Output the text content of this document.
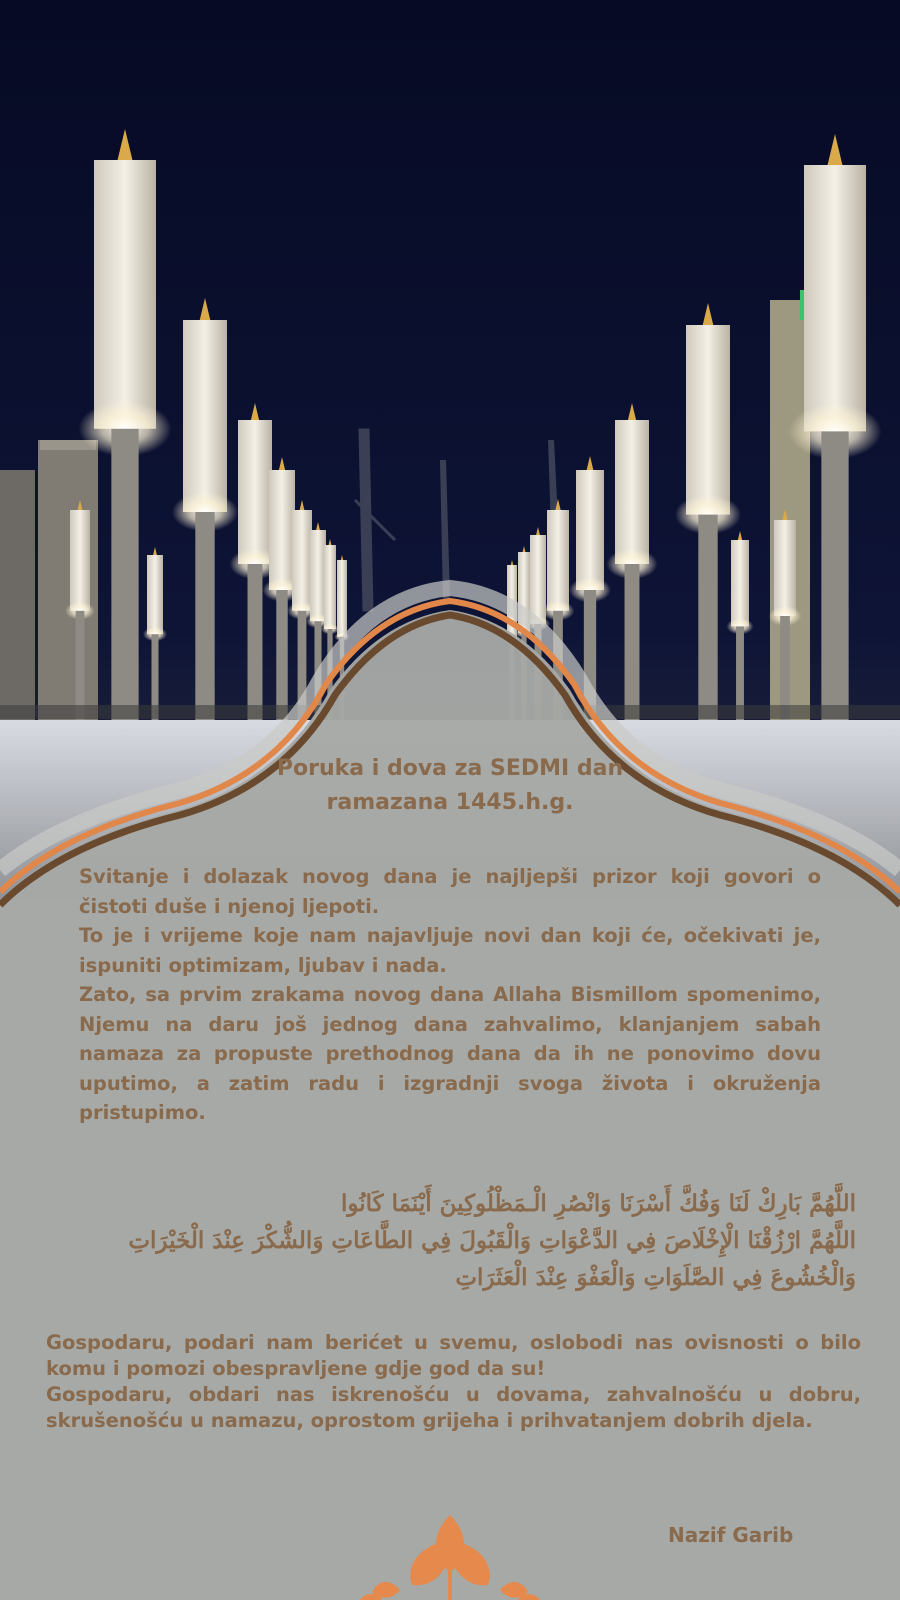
Poruka i dova za SEDMI dan
ramazana 1445.h.g.
Svitanje i dolazak novog dana je najljepši prizor koji govori o čistoti duše i njenoj ljepoti.
To je i vrijeme koje nam najavljuje novi dan koji će, očekivati je, ispuniti optimizam, ljubav i nada.
Zato, sa prvim zrakama novog dana Allaha Bismillom spomenimo, Njemu na daru još jednog dana zahvalimo, klanjanjem sabah namaza za propuste prethodnog dana da ih ne ponovimo dovu uputimo, a zatim radu i izgradnji svoga života i okruženja pristupimo.
اللَّهُمَّ بَارِكْ لَنَا وَفُكَّ أَسْرَنَا وَانْصُرِ الْـمَظْلُوكِينَ أَيْنَمَا كَانُوا
اللَّهُمَّ ارْزُقْنَا الْإِخْلَاصَ فِي الدَّعْوَاتِ وَالْقَبُولَ فِي الطَّاعَاتِ وَالشُّكْرَ عِنْدَ الْخَيْرَاتِ
وَالْخُشُوعَ فِي الصَّلَوَاتِ وَالْعَفْوَ عِنْدَ الْعَثَرَاتِ
Gospodaru, podari nam berićet u svemu, oslobodi nas ovisnosti o bilo komu i pomozi obespravljene gdje god da su!
Gospodaru, obdari nas iskrenošću u dovama, zahvalnošću u dobru, skrušenošću u namazu, oprostom grijeha i prihvatanjem dobrih djela.
Nazif Garib
